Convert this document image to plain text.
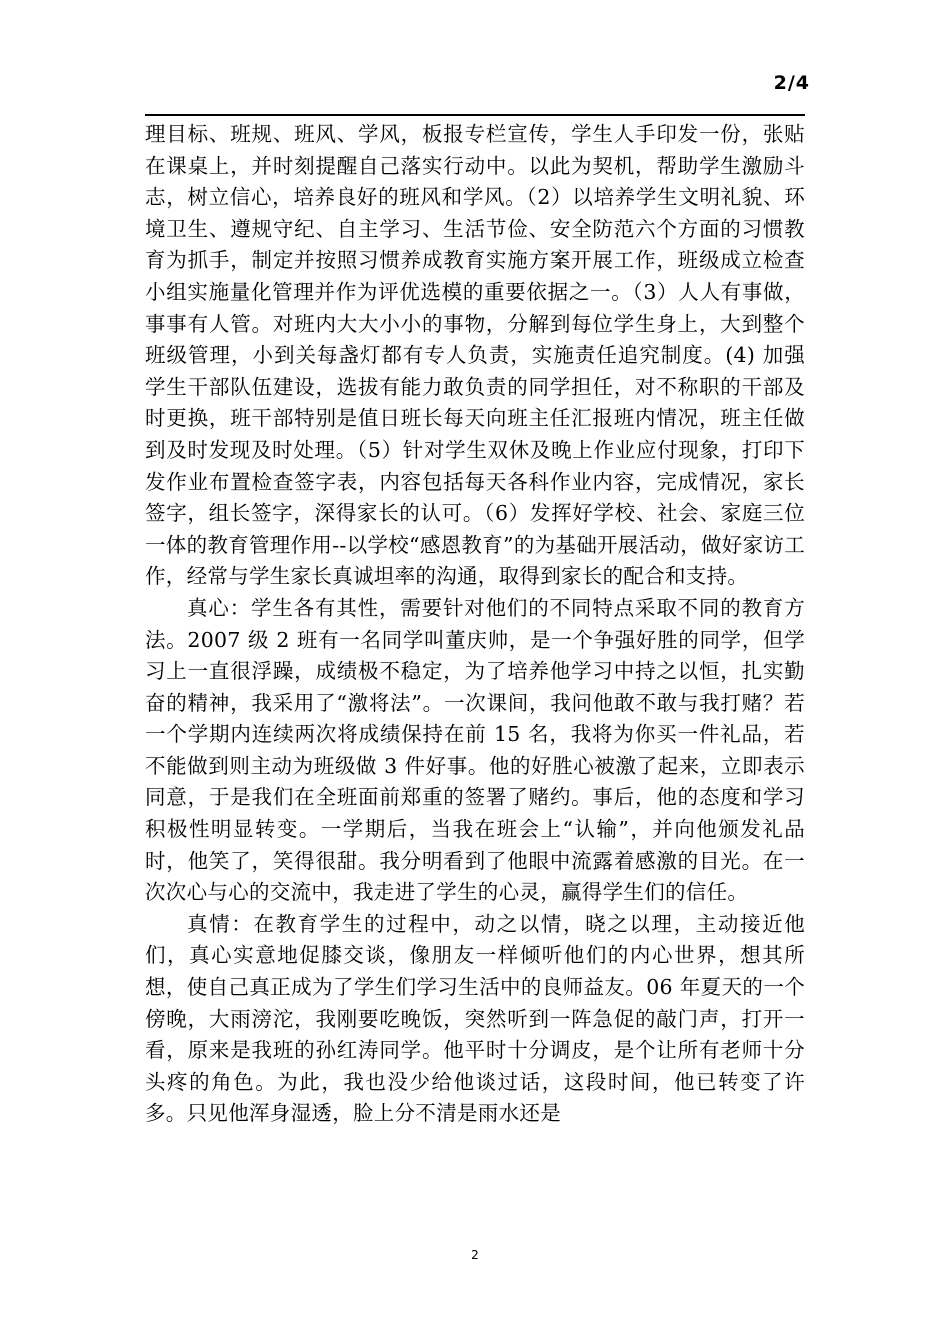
2/4

理目标、班规、班风、学风，板报专栏宣传，学生人手印发一份，张贴在课桌上，并时刻提醒自己落实行动中。以此为契机，帮助学生激励斗志，树立信心，培养良好的班风和学风。（2）以培养学生文明礼貌、环境卫生、遵规守纪、自主学习、生活节俭、安全防范六个方面的习惯教育为抓手，制定并按照习惯养成教育实施方案开展工作，班级成立检查小组实施量化管理并作为评优选模的重要依据之一。（3）人人有事做，事事有人管。对班内大大小小的事物，分解到每位学生身上，大到整个班级管理，小到关每盏灯都有专人负责，实施责任追究制度。(4) 加强学生干部队伍建设，选拔有能力敢负责的同学担任，对不称职的干部及时更换，班干部特别是值日班长每天向班主任汇报班内情况，班主任做到及时发现及时处理。（5）针对学生双休及晚上作业应付现象，打印下发作业布置检查签字表，内容包括每天各科作业内容，完成情况，家长签字，组长签字，深得家长的认可。（6）发挥好学校、社会、家庭三位一体的教育管理作用--以学校“感恩教育”的为基础开展活动，做好家访工作，经常与学生家长真诚坦率的沟通，取得到家长的配合和支持。

真心：学生各有其性，需要针对他们的不同特点采取不同的教育方法。2007 级 2 班有一名同学叫董庆帅，是一个争强好胜的同学，但学习上一直很浮躁，成绩极不稳定，为了培养他学习中持之以恒，扎实勤奋的精神，我采用了“激将法”。一次课间，我问他敢不敢与我打赌？若一个学期内连续两次将成绩保持在前 15 名，我将为你买一件礼品，若不能做到则主动为班级做 3 件好事。他的好胜心被激了起来，立即表示同意，于是我们在全班面前郑重的签署了赌约。事后，他的态度和学习积极性明显转变。一学期后，当我在班会上“认输”，并向他颁发礼品时，他笑了，笑得很甜。我分明看到了他眼中流露着感激的目光。在一次次心与心的交流中，我走进了学生的心灵，赢得学生们的信任。

真情：在教育学生的过程中，动之以情，晓之以理，主动接近他们，真心实意地促膝交谈，像朋友一样倾听他们的内心世界，想其所想，使自己真正成为了学生们学习生活中的良师益友。06 年夏天的一个傍晚，大雨滂沱，我刚要吃晚饭，突然听到一阵急促的敲门声，打开一看，原来是我班的孙红涛同学。他平时十分调皮，是个让所有老师十分头疼的角色。为此，我也没少给他谈过话，这段时间，他已转变了许多。只见他浑身湿透，脸上分不清是雨水还是

2
